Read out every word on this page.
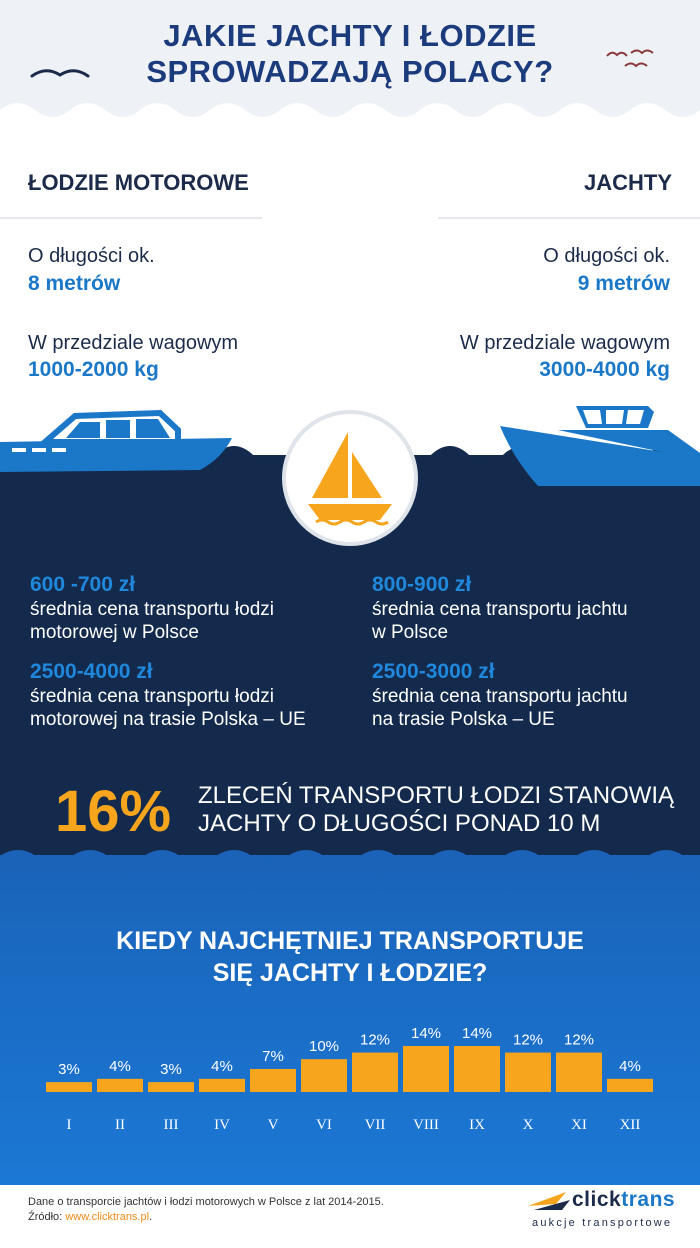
JAKIE JACHTY I ŁODZIE
SPROWADZAJĄ POLACY?
ŁODZIE MOTOROWE	JACHTY
O długości ok.
8 metrów
W przedziale wagowym
1000-2000 kg
O długości ok.
9 metrów
W przedziale wagowym
3000-4000 kg
600 -700 zł
średnia cena transportu łodzi
motorowej w Polsce
2500-4000 zł
średnia cena transportu łodzi
motorowej na trasie Polska – UE
800-900 zł
średnia cena transportu jachtu
w Polsce
2500-3000 zł
średnia cena transportu jachtu
na trasie Polska – UE
16% ZLECEŃ TRANSPORTU ŁODZI STANOWIĄ
JACHTY O DŁUGOŚCI PONAD 10 M
KIEDY NAJCHĘTNIEJ TRANSPORTUJE
SIĘ JACHTY I ŁODZIE?
3%
I
4%
II
3%
III
4%
IV
7%
V
10%
VI
12%
VII
14%
VIII
14%
IX
12%
X
12%
XI
4%
XII
Dane o transporcie jachtów i łodzi motorowych w Polsce z lat 2014-2015.
Źródło: www.clicktrans.pl.
clicktrans
aukcje transportowe
